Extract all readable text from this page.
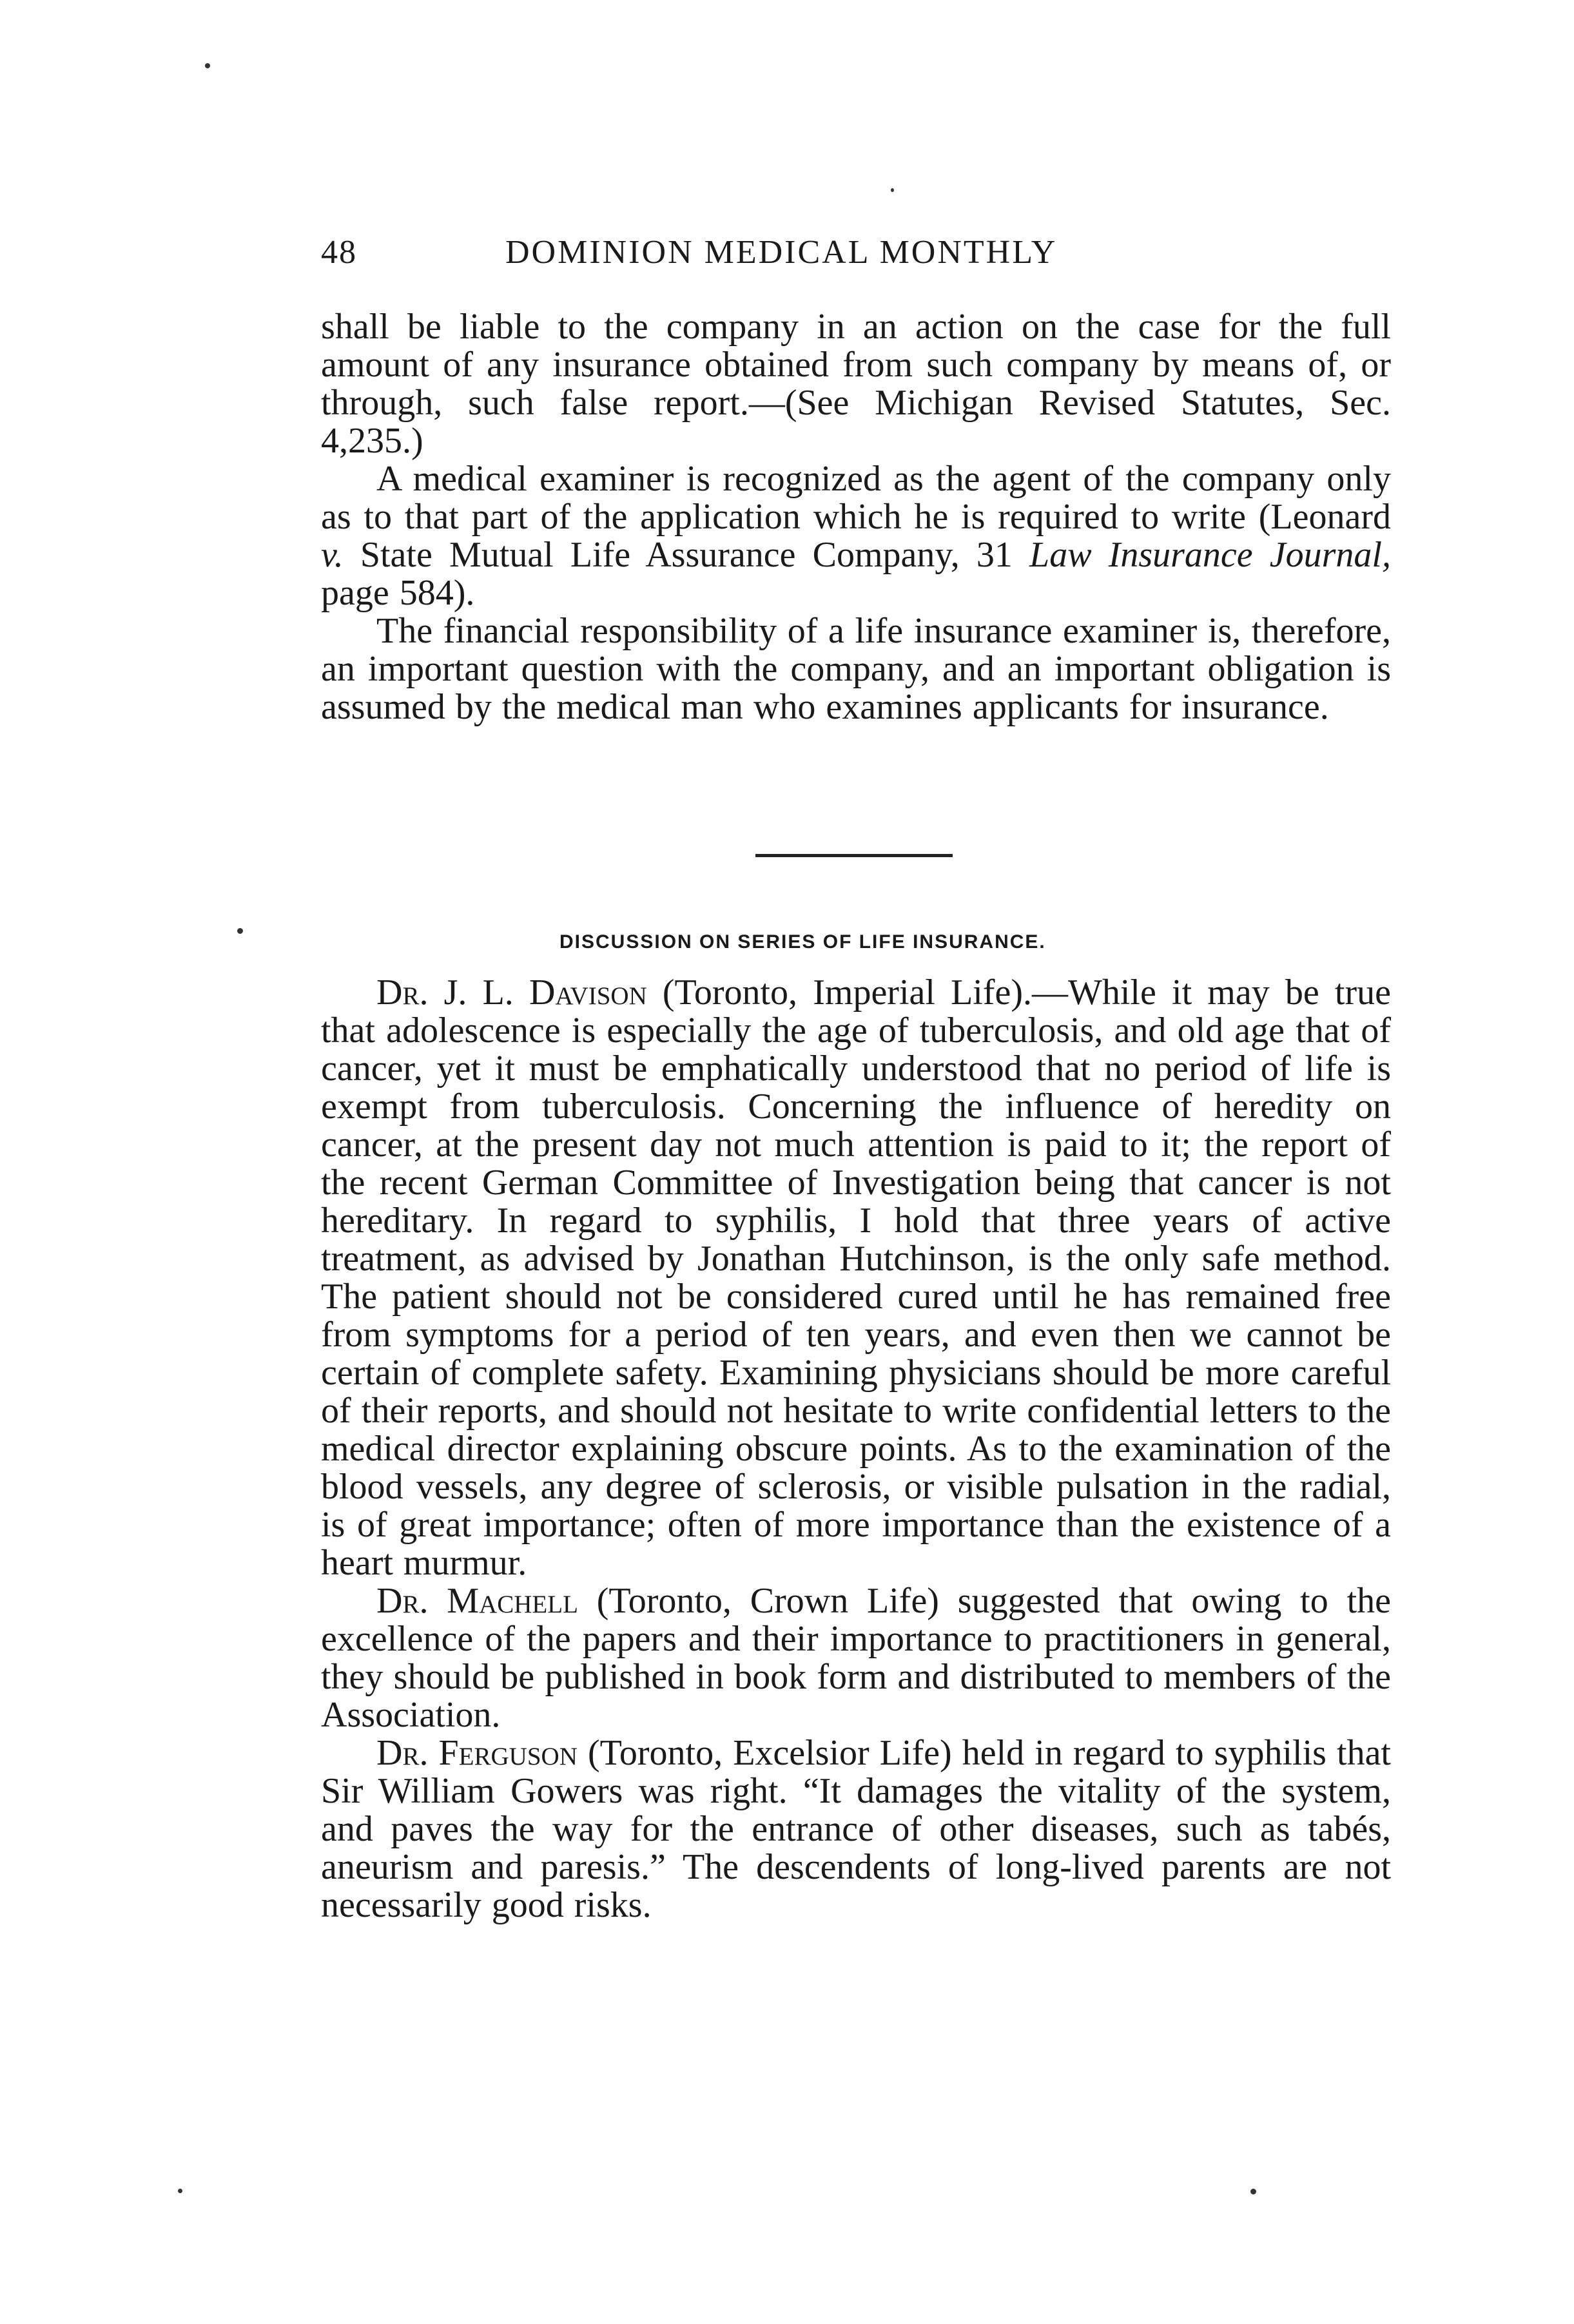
48	DOMINION MEDICAL MONTHLY

shall be liable to the company in an action on the case for the full amount of any insurance obtained from such company by means of, or through, such false report.—(See Michigan Revised Statutes, Sec. 4,235.)

A medical examiner is recognized as the agent of the company only as to that part of the application which he is required to write (Leonard v. State Mutual Life Assurance Company, 31 Law Insurance Journal, page 584).

The financial responsibility of a life insurance examiner is, therefore, an important question with the company, and an important obligation is assumed by the medical man who examines applicants for insurance.

DISCUSSION ON SERIES OF LIFE INSURANCE.

Dr. J. L. Davison (Toronto, Imperial Life).—While it may be true that adolescence is especially the age of tuberculosis, and old age that of cancer, yet it must be emphatically understood that no period of life is exempt from tuberculosis. Concerning the influence of heredity on cancer, at the present day not much attention is paid to it; the report of the recent German Committee of Investigation being that cancer is not hereditary. In regard to syphilis, I hold that three years of active treatment, as advised by Jonathan Hutchinson, is the only safe method. The patient should not be considered cured until he has remained free from symptoms for a period of ten years, and even then we cannot be certain of complete safety. Examining physicians should be more careful of their reports, and should not hesitate to write confidential letters to the medical director explaining obscure points. As to the examination of the blood vessels, any degree of sclerosis, or visible pulsation in the radial, is of great importance; often of more importance than the existence of a heart murmur.

Dr. Machell (Toronto, Crown Life) suggested that owing to the excellence of the papers and their importance to practitioners in general, they should be published in book form and distributed to members of the Association.

Dr. Ferguson (Toronto, Excelsior Life) held in regard to syphilis that Sir William Gowers was right. “It damages the vitality of the system, and paves the way for the entrance of other diseases, such as tabés, aneurism and paresis.” The descendents of long-lived parents are not necessarily good risks.
